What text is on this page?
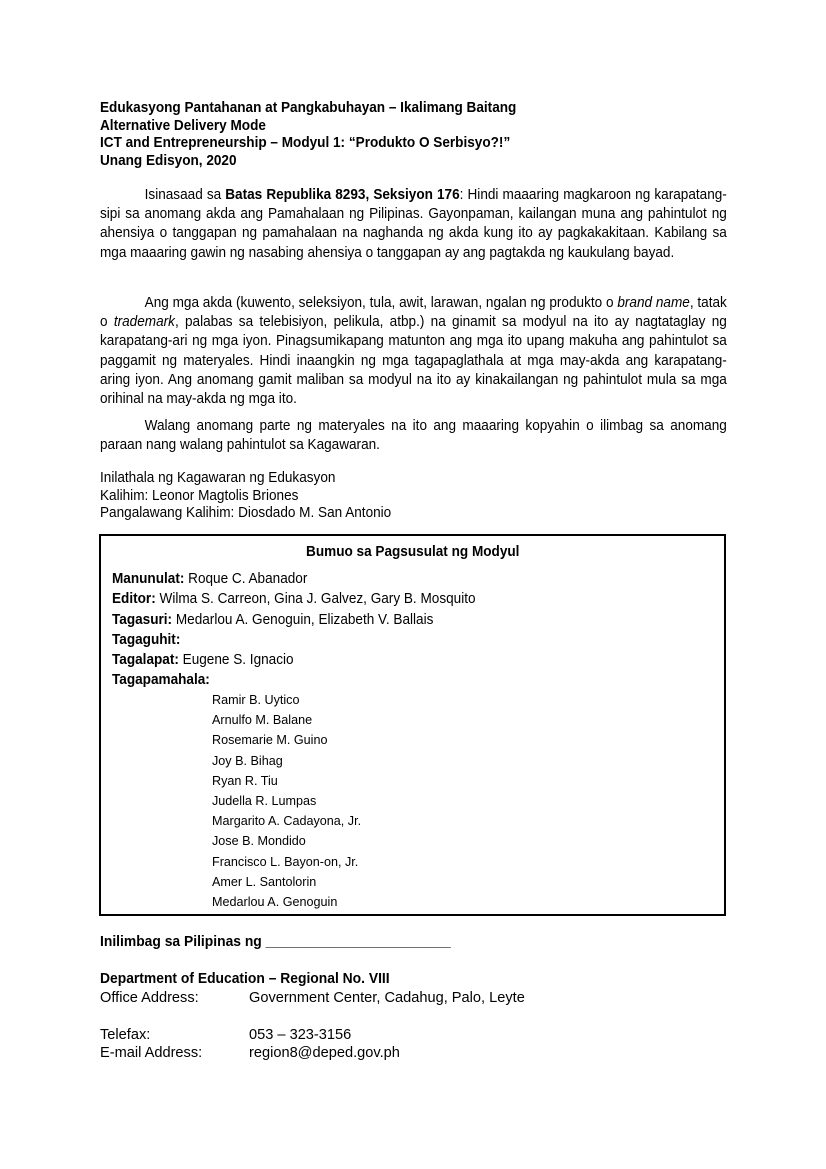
Edukasyong Pantahanan at Pangkabuhayan – Ikalimang Baitang
Alternative Delivery Mode
ICT and Entrepreneurship – Modyul 1: “Produkto O Serbisyo?!”
Unang Edisyon, 2020
Isinasaad sa Batas Republika 8293, Seksiyon 176: Hindi maaaring magkaroon ng karapatang-sipi sa anomang akda ang Pamahalaan ng Pilipinas. Gayonpaman, kailangan muna ang pahintulot ng ahensiya o tanggapan ng pamahalaan na naghanda ng akda kung ito ay pagkakakitaan. Kabilang sa mga maaaring gawin ng nasabing ahensiya o tanggapan ay ang pagtakda ng kaukulang bayad.
Ang mga akda (kuwento, seleksiyon, tula, awit, larawan, ngalan ng produkto o brand name, tatak o trademark, palabas sa telebisiyon, pelikula, atbp.) na ginamit sa modyul na ito ay nagtataglay ng karapatang-ari ng mga iyon. Pinagsumikapang matunton ang mga ito upang makuha ang pahintulot sa paggamit ng materyales. Hindi inaangkin ng mga tagapaglathala at mga may-akda ang karapatang-aring iyon. Ang anomang gamit maliban sa modyul na ito ay kinakailangan ng pahintulot mula sa mga orihinal na may-akda ng mga ito.
Walang anomang parte ng materyales na ito ang maaaring kopyahin o ilimbag sa anomang paraan nang walang pahintulot sa Kagawaran.
Inilathala ng Kagawaran ng Edukasyon
Kalihim: Leonor Magtolis Briones
Pangalawang Kalihim: Diosdado M. San Antonio
Bumuo sa Pagsusulat ng Modyul
Manunulat: Roque C. Abanador
Editor: Wilma S. Carreon, Gina J. Galvez, Gary B. Mosquito
Tagasuri: Medarlou A. Genoguin, Elizabeth V. Ballais
Tagaguhit:
Tagalapat: Eugene S. Ignacio
Tagapamahala:
Ramir B. Uytico
Arnulfo M. Balane
Rosemarie M. Guino
Joy B. Bihag
Ryan R. Tiu
Judella R. Lumpas
Margarito A. Cadayona, Jr.
Jose B. Mondido
Francisco L. Bayon-on, Jr.
Amer L. Santolorin
Medarlou A. Genoguin
Inilimbag sa Pilipinas ng ________________________
Department of Education – Regional No. VIII
Office Address:	Government Center, Cadahug, Palo, Leyte
Telefax:	053 – 323-3156
E-mail Address:	region8@deped.gov.ph
